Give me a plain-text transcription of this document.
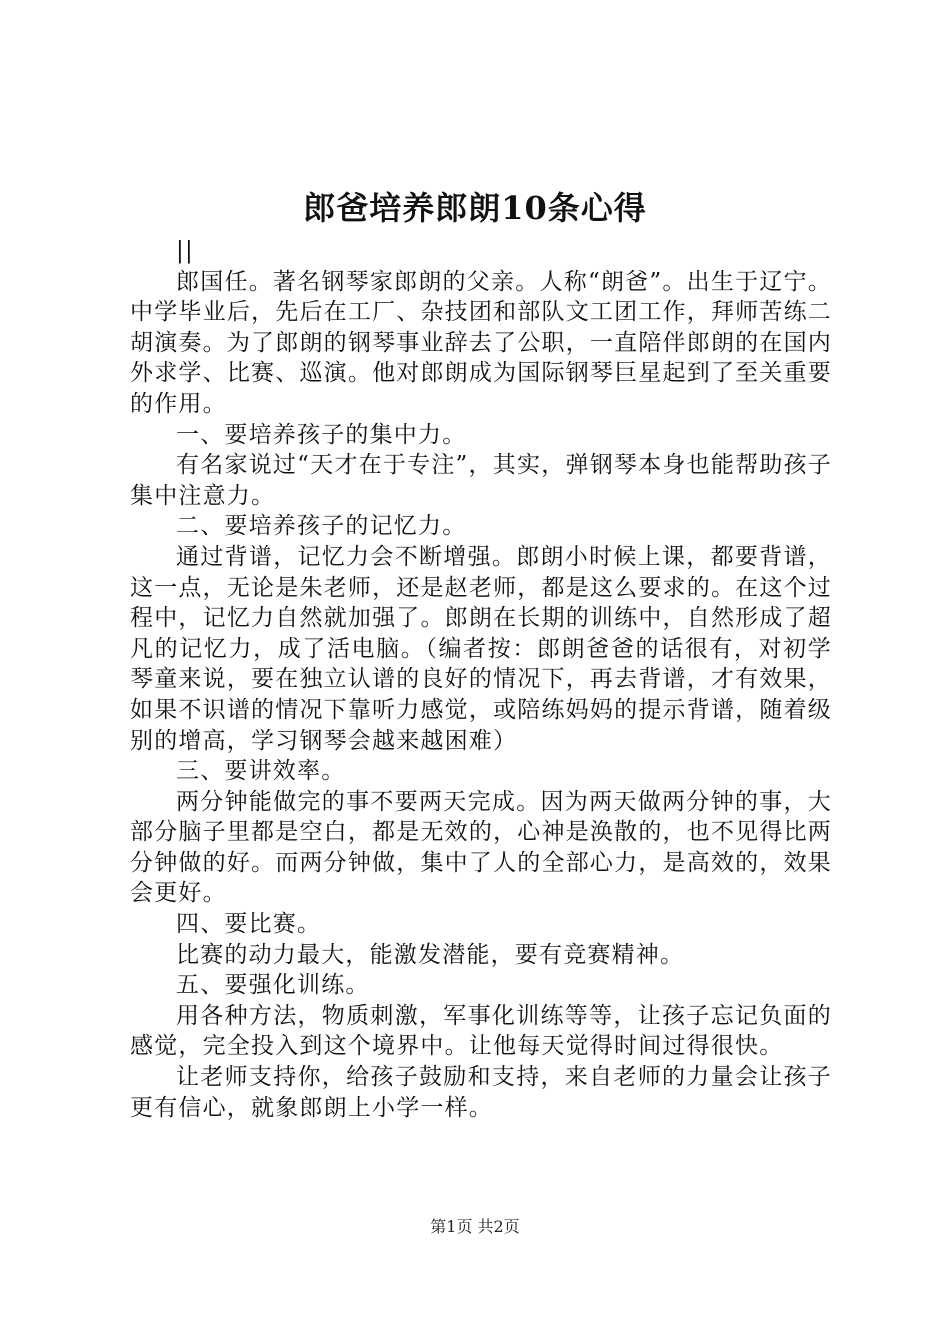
郎爸培养郎朗10条心得

||

郎国任。著名钢琴家郎朗的父亲。人称“朗爸”。出生于辽宁。中学毕业后，先后在工厂、杂技团和部队文工团工作，拜师苦练二胡演奏。为了郎朗的钢琴事业辞去了公职，一直陪伴郎朗的在国内外求学、比赛、巡演。他对郎朗成为国际钢琴巨星起到了至关重要的作用。

一、要培养孩子的集中力。

有名家说过“天才在于专注”，其实，弹钢琴本身也能帮助孩子集中注意力。

二、要培养孩子的记忆力。

通过背谱，记忆力会不断增强。郎朗小时候上课，都要背谱，这一点，无论是朱老师，还是赵老师，都是这么要求的。在这个过程中，记忆力自然就加强了。郎朗在长期的训练中，自然形成了超凡的记忆力，成了活电脑。（编者按：郎朗爸爸的话很有，对初学琴童来说，要在独立认谱的良好的情况下，再去背谱，才有效果，如果不识谱的情况下靠听力感觉，或陪练妈妈的提示背谱，随着级别的增高，学习钢琴会越来越困难）

三、要讲效率。

两分钟能做完的事不要两天完成。因为两天做两分钟的事，大部分脑子里都是空白，都是无效的，心神是涣散的，也不见得比两分钟做的好。而两分钟做，集中了人的全部心力，是高效的，效果会更好。

四、要比赛。

比赛的动力最大，能激发潜能，要有竞赛精神。

五、要强化训练。

用各种方法，物质刺激，军事化训练等等，让孩子忘记负面的感觉，完全投入到这个境界中。让他每天觉得时间过得很快。

让老师支持你，给孩子鼓励和支持，来自老师的力量会让孩子更有信心，就象郎朗上小学一样。

第1页 共2页
